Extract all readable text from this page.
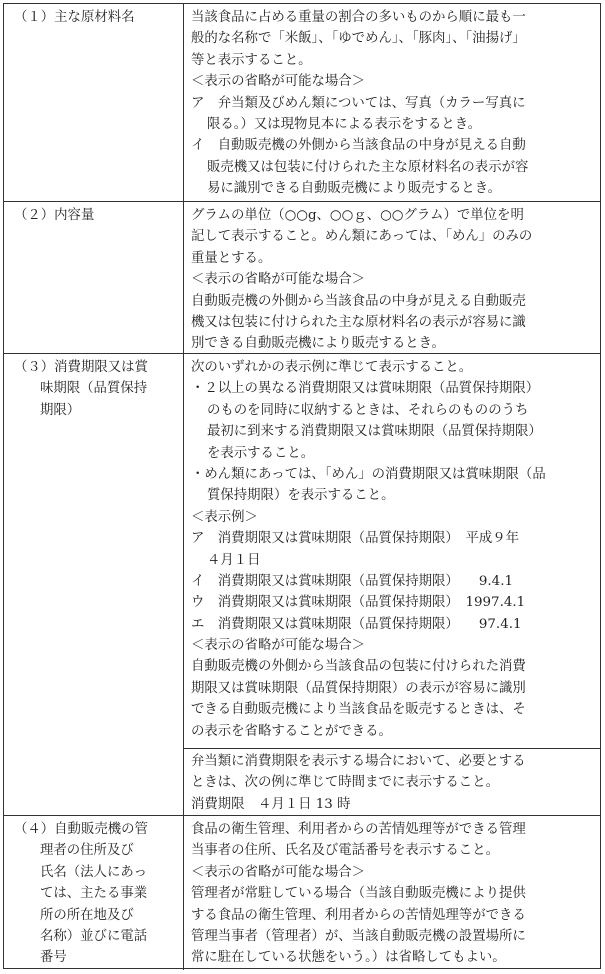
（１）主な原材料名	当該食品に占める重量の割合の多いものから順に最も一
般的な名称で「米飯」、「ゆでめん」、「豚肉」、「油揚げ」
等と表示すること。
＜表示の省略が可能な場合＞
ア　弁当類及びめん類については、写真（カラー写真に
限る。）又は現物見本による表示をするとき。
イ　自動販売機の外側から当該食品の中身が見える自動
販売機又は包装に付けられた主な原材料名の表示が容
易に識別できる自動販売機により販売するとき。
（２）内容量	グラムの単位（○○g、○○ｇ、○○グラム）で単位を明
記して表示すること。めん類にあっては、「めん」のみの
重量とする。
＜表示の省略が可能な場合＞
自動販売機の外側から当該食品の中身が見える自動販売
機又は包装に付けられた主な原材料名の表示が容易に識
別できる自動販売機により販売するとき。
（３）消費期限又は賞
味期限（品質保持
期限）
次のいずれかの表示例に準じて表示すること。
・２以上の異なる消費期限又は賞味期限（品質保持期限）
のものを同時に収納するときは、それらのもののうち
最初に到来する消費期限又は賞味期限（品質保持期限）
を表示すること。
・めん類にあっては、「めん」の消費期限又は賞味期限（品
質保持期限）を表示すること。
＜表示例＞
ア　消費期限又は賞味期限（品質保持期限）　平成９年
４月１日
イ　消費期限又は賞味期限（品質保持期限）　　9.4.1
ウ　消費期限又は賞味期限（品質保持期限）　1997.4.1
エ　消費期限又は賞味期限（品質保持期限）　　97.4.1
＜表示の省略が可能な場合＞
自動販売機の外側から当該食品の包装に付けられた消費
期限又は賞味期限（品質保持期限）の表示が容易に識別
できる自動販売機により当該食品を販売するときは、そ
の表示を省略することができる。
弁当類に消費期限を表示する場合において、必要とする
ときは、次の例に準じて時間までに表示すること。
消費期限　４月１日 13 時
（４）自動販売機の管
理者の住所及び
氏名（法人にあっ
ては、主たる事業
所の所在地及び
名称）並びに電話
番号
食品の衛生管理、利用者からの苦情処理等ができる管理
当事者の住所、氏名及び電話番号を表示すること。
＜表示の省略が可能な場合＞
管理者が常駐している場合（当該自動販売機により提供
する食品の衛生管理、利用者からの苦情処理等ができる
管理当事者（管理者）が、当該自動販売機の設置場所に
常に駐在している状態をいう。）は省略してもよい。
